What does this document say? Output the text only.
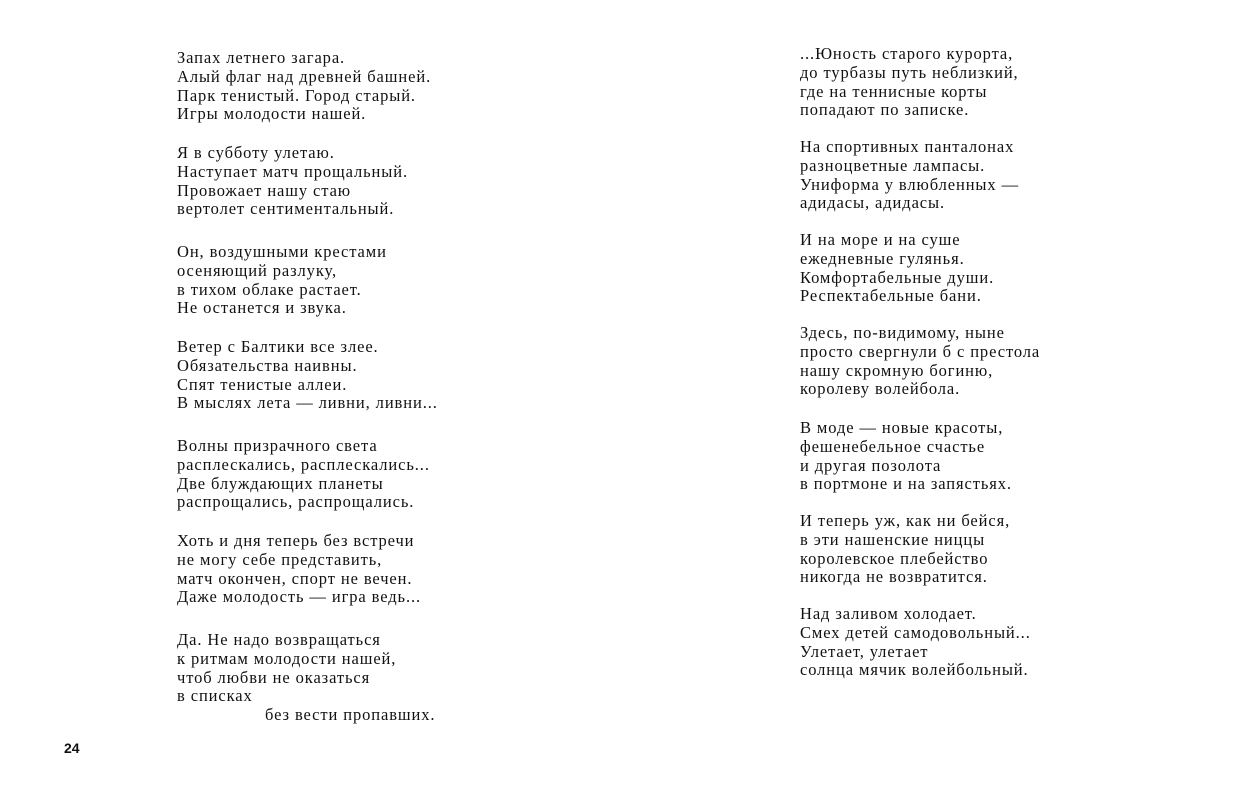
Запах летнего загара.
Алый флаг над древней башней.
Парк тенистый. Город старый.
Игры молодости нашей.
Я в субботу улетаю.
Наступает матч прощальный.
Провожает нашу стаю
вертолет сентиментальный.
Он, воздушными крестами
осеняющий разлуку,
в тихом облаке растает.
Не останется и звука.
Ветер с Балтики все злее.
Обязательства наивны.
Спят тенистые аллеи.
В мыслях лета — ливни, ливни...
Волны призрачного света
расплескались, расплескались...
Две блуждающих планеты
распрощались, распрощались.
Хоть и дня теперь без встречи
не могу себе представить,
матч окончен, спорт не вечен.
Даже молодость — игра ведь...
Да. Не надо возвращаться
к ритмам молодости нашей,
чтоб любви не оказаться
в списках
без вести пропавших.
24
...Юность старого курорта,
до турбазы путь неблизкий,
где на теннисные корты
попадают по записке.
На спортивных панталонах
разноцветные лампасы.
Униформа у влюбленных —
адидасы, адидасы.
И на море и на суше
ежедневные гулянья.
Комфортабельные души.
Респектабельные бани.
Здесь, по-видимому, ныне
просто свергнули б с престола
нашу скромную богиню,
королеву волейбола.
В моде — новые красоты,
фешенебельное счастье
и другая позолота
в портмоне и на запястьях.
И теперь уж, как ни бейся,
в эти нашенские ниццы
королевское плебейство
никогда не возвратится.
Над заливом холодает.
Смех детей самодовольный...
Улетает, улетает
солнца мячик волейбольный.
